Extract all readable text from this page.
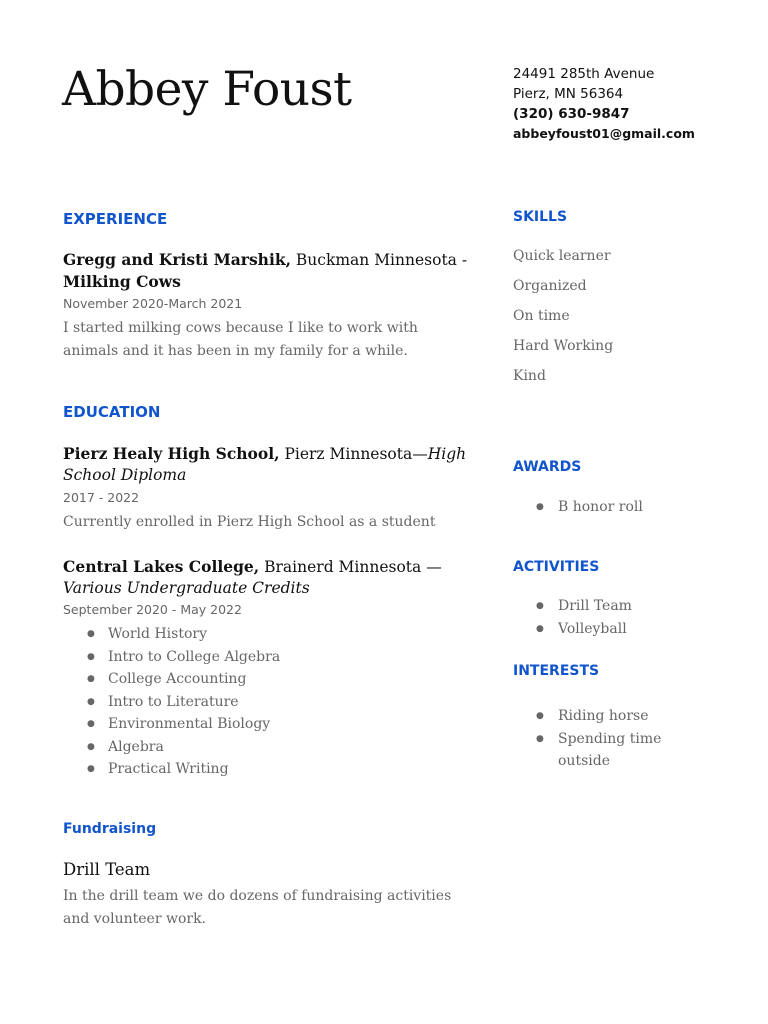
Abbey Foust	24491 285th Avenue
Pierz, MN 56364
(320) 630-9847
abbeyfoust01@gmail.com
EXPERIENCE
Gregg and Kristi Marshik, Buckman Minnesota - Milking Cows
November 2020-March 2021
I started milking cows because I like to work with animals and it has been in my family for a while.
EDUCATION
Pierz Healy High School, Pierz Minnesota—High School Diploma
2017 - 2022
Currently enrolled in Pierz High School as a student
Central Lakes College, Brainerd Minnesota — Various Undergraduate Credits
September 2020 - May 2022
● World History
● Intro to College Algebra
● College Accounting
● Intro to Literature
● Environmental Biology
● Algebra
● Practical Writing
Fundraising
Drill Team
In the drill team we do dozens of fundraising activities and volunteer work.
SKILLS
Quick learner
Organized
On time
Hard Working
Kind
AWARDS
● B honor roll
ACTIVITIES
● Drill Team
● Volleyball
INTERESTS
● Riding horse
● Spending time outside
